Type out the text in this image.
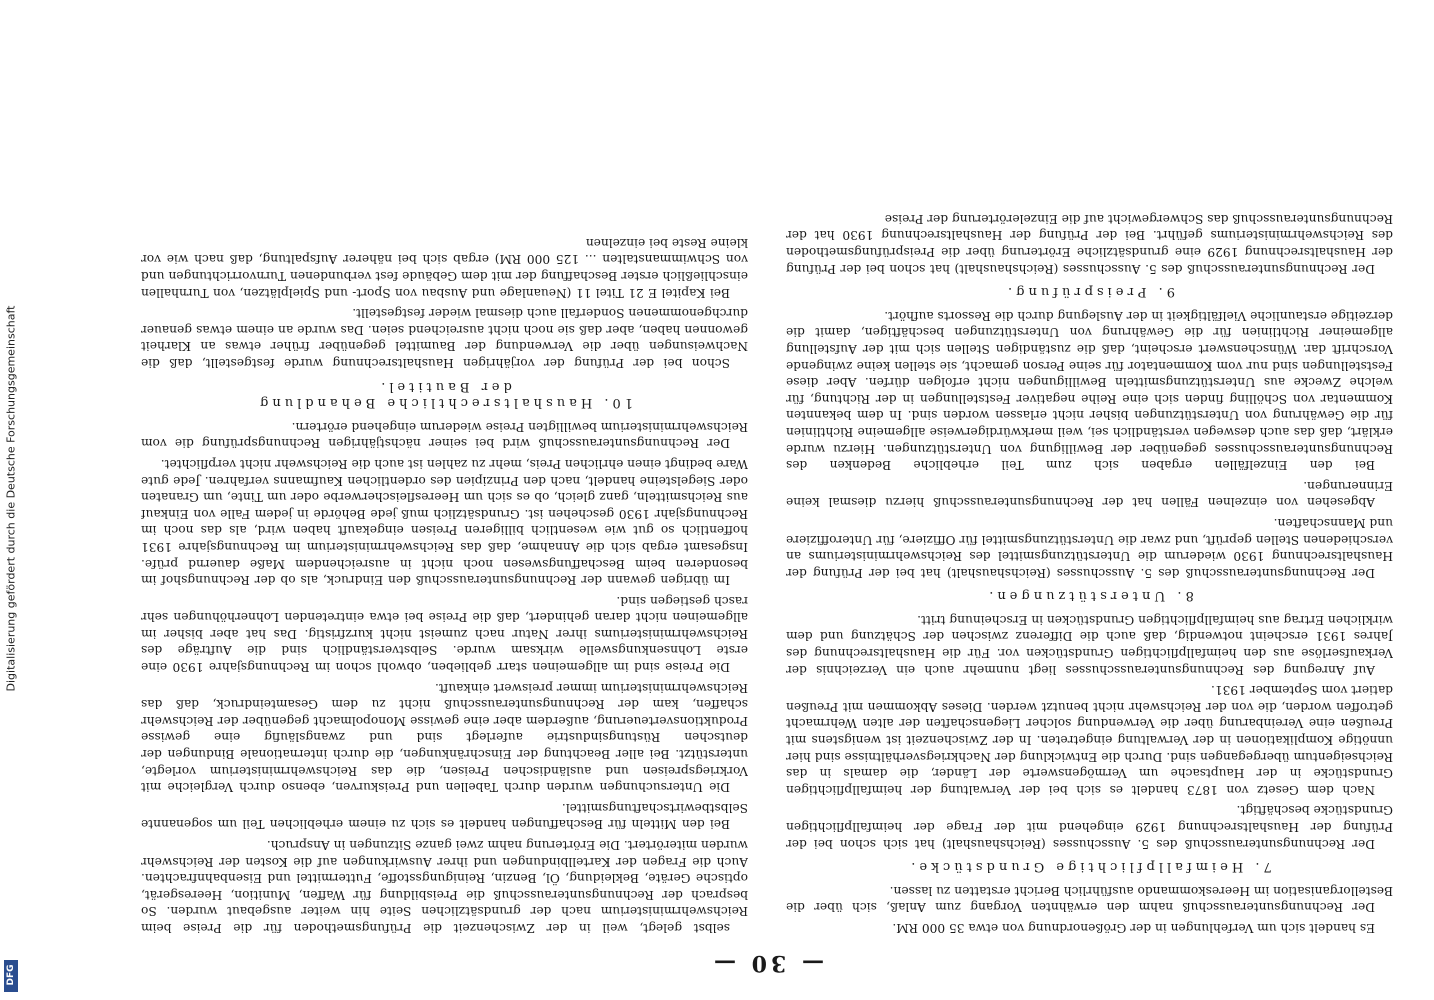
Digitalisierung gefördert durch die Deutsche Forschungsgemeinschaft
DFG	— 30 —

Es handelt sich um Verfehlungen in der Größenordnung von etwa 35 000 RM.

Der Rechnungsunterausschuß nahm den erwähnten Vorgang zum Anlaß, sich über die Bestellorganisation im Heereskommando ausführlich Bericht erstatten zu lassen.

7. Heimfallpflichtige Grundstücke.

Der Rechnungsunterausschuß des 5. Ausschusses (Reichshaushalt) hat sich schon bei der Prüfung der Haushaltsrechnung 1929 eingehend mit der Frage der heimfallpflichtigen Grundstücke beschäftigt.

Nach dem Gesetz von 1873 handelt es sich bei der Verwaltung der heimfallpflichtigen Grundstücke in der Hauptsache um Vermögenswerte der Länder, die damals in das Reichseigentum übergegangen sind. Durch die Entwicklung der Nachkriegsverhältnisse sind hier unnötige Komplikationen in der Verwaltung eingetreten. In der Zwischenzeit ist wenigstens mit Preußen eine Vereinbarung über die Verwendung solcher Liegenschaften der alten Wehrmacht getroffen worden, die von der Reichswehr nicht benutzt werden. Dieses Abkommen mit Preußen datiert vom September 1931.

Auf Anregung des Rechnungsunterausschusses liegt nunmehr auch ein Verzeichnis der Verkaufserlöse aus den heimfallpflichtigen Grundstücken vor. Für die Haushaltsrechnung des Jahres 1931 erscheint notwendig, daß auch die Differenz zwischen der Schätzung und dem wirklichen Ertrag aus heimfallpflichtigen Grundstücken in Erscheinung tritt.

8. Unterstützungen.

Der Rechnungsunterausschuß des 5. Ausschusses (Reichshaushalt) hat bei der Prüfung der Haushaltsrechnung 1930 wiederum die Unterstützungsmittel des Reichswehrministeriums an verschiedenen Stellen geprüft, und zwar die Unterstützungsmittel für Offiziere, für Unteroffiziere und Mannschaften.

Abgesehen von einzelnen Fällen hat der Rechnungsunterausschuß hierzu diesmal keine Erinnerungen.

Bei den Einzelfällen ergaben sich zum Teil erhebliche Bedenken des Rechnungsunterausschusses gegenüber der Bewilligung von Unterstützungen. Hierzu wurde erklärt, daß das auch deswegen verständlich sei, weil merkwürdigerweise allgemeine Richtlinien für die Gewährung von Unterstützungen bisher nicht erlassen worden sind. In dem bekannten Kommentar von Schölling finden sich eine Reihe negativer Feststellungen in der Richtung, für welche Zwecke aus Unterstützungsmitteln Bewilligungen nicht erfolgen dürfen. Aber diese Feststellungen sind nur vom Kommentator für seine Person gemacht, sie stellen keine zwingende Vorschrift dar. Wünschenswert erscheint, daß die zuständigen Stellen sich mit der Aufstellung allgemeiner Richtlinien für die Gewährung von Unterstützungen beschäftigen, damit die derzeitige erstaunliche Vielfältigkeit in der Auslegung durch die Ressorts aufhört.

9. Preisprüfung.

Der Rechnungsunterausschuß des 5. Ausschusses (Reichshaushalt) hat schon bei der Prüfung der Haushaltsrechnung 1929 eine grundsätzliche Erörterung über die Preisprüfungsmethoden des Reichswehrministeriums geführt. Bei der Prüfung der Haushaltsrechnung 1930 hat der Rechnungsunterausschuß das Schwergewicht auf die Einzelerörterung der Preise

selbst gelegt, weil in der Zwischenzeit die Prüfungsmethoden für die Preise beim Reichswehrministerium nach der grundsätzlichen Seite hin weiter ausgebaut wurden. So besprach der Rechnungsunterausschuß die Preisbildung für Waffen, Munition, Heeresgerät, optische Geräte, Bekleidung, Öl, Benzin, Reinigungsstoffe, Futtermittel und Eisenbahnfrachten. Auch die Fragen der Kartellbindungen und ihrer Auswirkungen auf die Kosten der Reichswehr wurden miterörtert. Die Erörterung nahm zwei ganze Sitzungen in Anspruch.

Bei den Mitteln für Beschaffungen handelt es sich zu einem erheblichen Teil um sogenannte Selbstbewirtschaftungsmittel.

Die Untersuchungen wurden durch Tabellen und Preiskurven, ebenso durch Vergleiche mit Vorkriegspreisen und ausländischen Preisen, die das Reichswehrministerium vorlegte, unterstützt. Bei aller Beachtung der Einschränkungen, die durch internationale Bindungen der deutschen Rüstungsindustrie auferlegt sind und zwangsläufig eine gewisse Produktionsverteuerung, außerdem aber eine gewisse Monopolmacht gegenüber der Reichswehr schaffen, kam der Rechnungsunterausschuß nicht zu dem Gesamteindruck, daß das Reichswehrministerium immer preiswert einkauft.

Die Preise sind im allgemeinen starr geblieben, obwohl schon im Rechnungsjahre 1930 eine erste Lohnsenkungswelle wirksam wurde. Selbstverständlich sind die Aufträge des Reichswehrministeriums ihrer Natur nach zumeist nicht kurzfristig. Das hat aber bisher im allgemeinen nicht daran gehindert, daß die Preise bei etwa eintretenden Lohnerhöhungen sehr rasch gestiegen sind.

Im übrigen gewann der Rechnungsunterausschuß den Eindruck, als ob der Rechnungshof im besonderen beim Beschaffungswesen noch nicht in ausreichendem Maße dauernd prüfe. Insgesamt ergab sich die Annahme, daß das Reichswehrministerium im Rechnungsjahre 1931 hoffentlich so gut wie wesentlich billigeren Preisen eingekauft haben wird, als das noch im Rechnungsjahr 1930 geschehen ist. Grundsätzlich muß jede Behörde in jedem Falle von Einkauf aus Reichsmitteln, ganz gleich, ob es sich um Heeresfleischerwerbe oder um Tinte, um Granaten oder Siegelsteine handelt, nach den Prinzipien des ordentlichen Kaufmanns verfahren. Jede gute Ware bedingt einen ehrlichen Preis, mehr zu zahlen ist auch die Reichswehr nicht verpflichtet.

Der Rechnungsunterausschuß wird bei seiner nächstjährigen Rechnungsprüfung die vom Reichswehrministerium bewilligten Preise wiederum eingehend erörtern.

10. Haushaltsrechtliche Behandlung
der Bautitel.

Schon bei der Prüfung der vorjährigen Haushaltsrechnung wurde festgestellt, daß die Nachweisungen über die Verwendung der Baumittel gegenüber früher etwas an Klarheit gewonnen haben, aber daß sie noch nicht ausreichend seien. Das wurde an einem etwas genauer durchgenommenen Sonderfall auch diesmal wieder festgestellt.

Bei Kapitel E 21 Titel 11 (Neuanlage und Ausbau von Sport- und Spielplätzen, von Turnhallen einschließlich erster Beschaffung der mit dem Gebäude fest verbundenen Turnvorrichtungen und von Schwimmanstalten ... 125 000 RM) ergab sich bei näherer Aufspaltung, daß nach wie vor kleine Reste bei einzelnen
